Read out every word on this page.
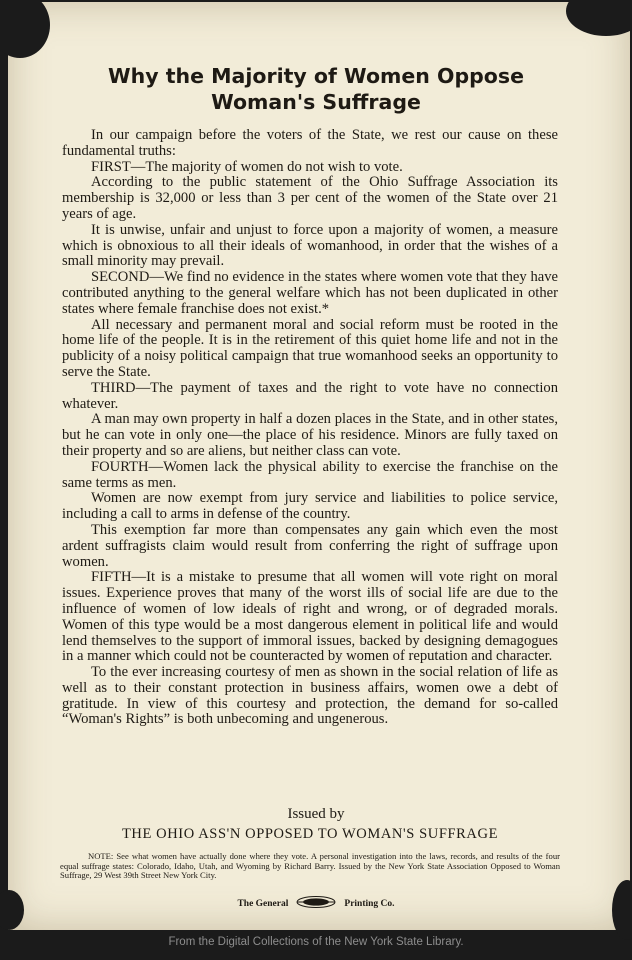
Why the Majority of Women Oppose
Woman's Suffrage

In our campaign before the voters of the State, we rest our cause on these fundamental truths:

FIRST—The majority of women do not wish to vote.

According to the public statement of the Ohio Suffrage Association its membership is 32,000 or less than 3 per cent of the women of the State over 21 years of age.

It is unwise, unfair and unjust to force upon a majority of women, a measure which is obnoxious to all their ideals of womanhood, in order that the wishes of a small minority may prevail.

SECOND—We find no evidence in the states where women vote that they have contributed anything to the general welfare which has not been duplicated in other states where female franchise does not exist.*

All necessary and permanent moral and social reform must be rooted in the home life of the people. It is in the retirement of this quiet home life and not in the publicity of a noisy political campaign that true womanhood seeks an opportunity to serve the State.

THIRD—The payment of taxes and the right to vote have no connection whatever.

A man may own property in half a dozen places in the State, and in other states, but he can vote in only one—the place of his residence. Minors are fully taxed on their property and so are aliens, but neither class can vote.

FOURTH—Women lack the physical ability to exercise the franchise on the same terms as men.

Women are now exempt from jury service and liabilities to police service, including a call to arms in defense of the country.

This exemption far more than compensates any gain which even the most ardent suffragists claim would result from conferring the right of suffrage upon women.

FIFTH—It is a mistake to presume that all women will vote right on moral issues. Experience proves that many of the worst ills of social life are due to the influence of women of low ideals of right and wrong, or of degraded morals. Women of this type would be a most dangerous element in political life and would lend themselves to the support of immoral issues, backed by designing demagogues in a manner which could not be counteracted by women of reputation and character.

To the ever increasing courtesy of men as shown in the social relation of life as well as to their constant protection in business affairs, women owe a debt of gratitude. In view of this courtesy and protection, the demand for so-called “Woman's Rights” is both unbecoming and ungenerous.

Issued by
THE OHIO ASS'N OPPOSED TO WOMAN'S SUFFRAGE
NOTE: See what women have actually done where they vote. A personal investigation into the laws, records, and results of the four equal suffrage states: Colorado, Idaho, Utah, and Wyoming by Richard Barry. Issued by the New York State Association Opposed to Woman Suffrage, 29 West 39th Street New York City.
The General	Printing Co.
From the Digital Collections of the New York State Library.
